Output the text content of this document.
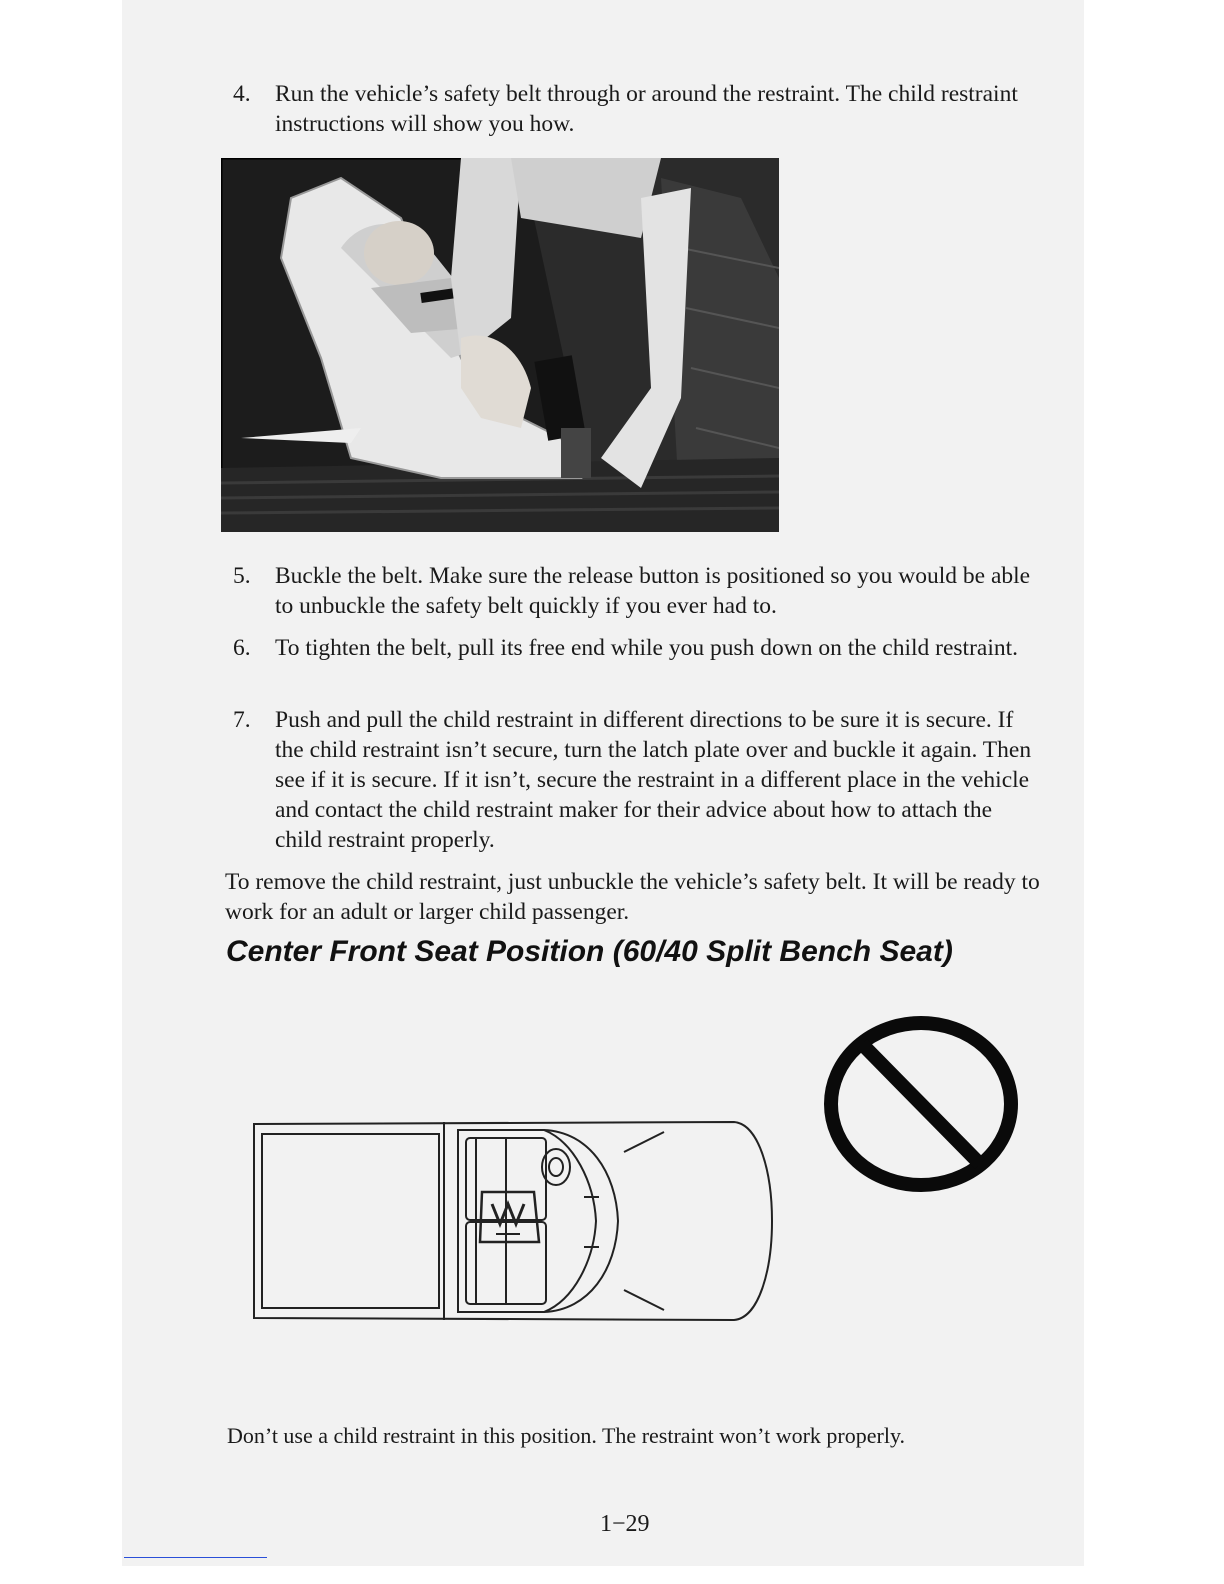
4.	Run the vehicle’s safety belt through or around the restraint. The child restraint instructions will show you how.
5.	Buckle the belt. Make sure the release button is positioned so you would be able to unbuckle the safety belt quickly if you ever had to.
6.	To tighten the belt, pull its free end while you push down on the child restraint.
7.	Push and pull the child restraint in different directions to be sure it is secure. If the child restraint isn’t secure, turn the latch plate over and buckle it again. Then see if it is secure. If it isn’t, secure the restraint in a different place in the vehicle and contact the child restraint maker for their advice about how to attach the child restraint properly.
To remove the child restraint, just unbuckle the vehicle’s safety belt. It will be ready to work for an adult or larger child passenger.
Center Front Seat Position (60/40 Split Bench Seat)
Don’t use a child restraint in this position. The restraint won’t work properly.
1−29
